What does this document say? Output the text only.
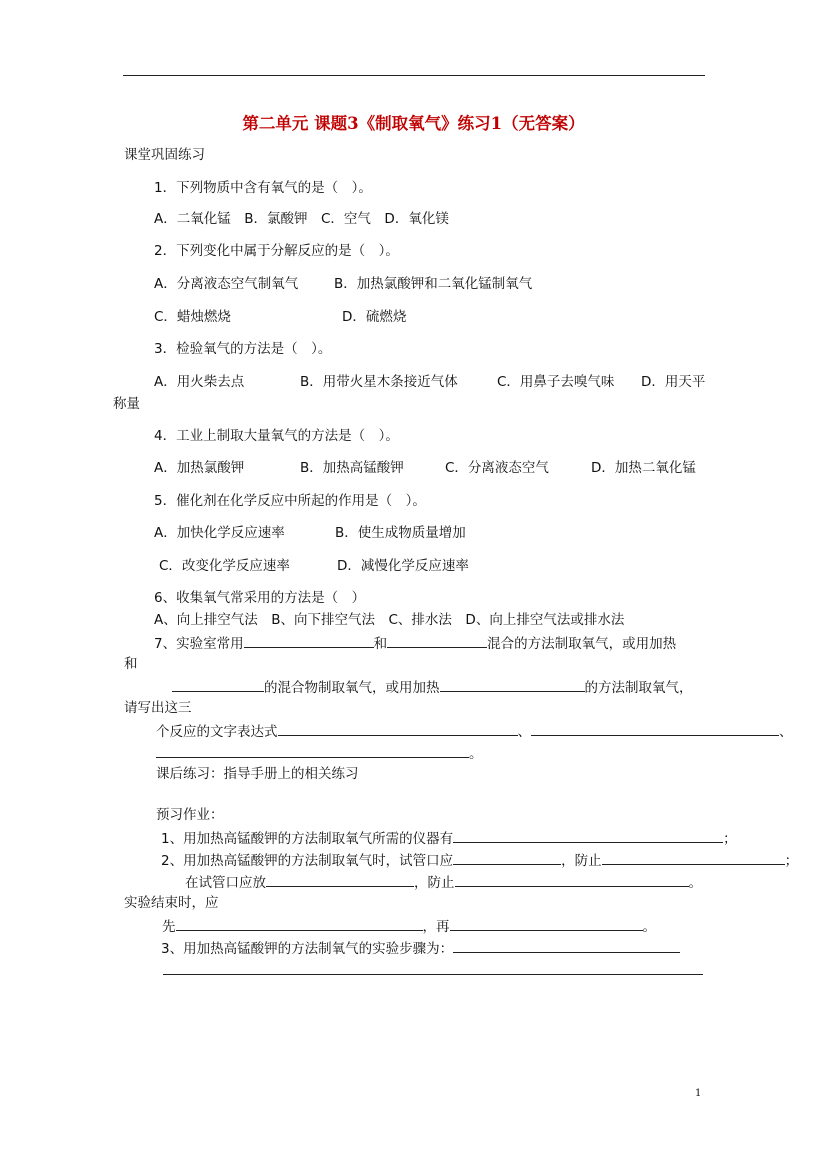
第二单元 课题3《制取氧气》练习1（无答案）
课堂巩固练习
1．下列物质中含有氧气的是（　）。
A．二氧化锰　B．氯酸钾　C．空气　D．氧化镁
2．下列变化中属于分解反应的是（　）。
A．分离液态空气制氧气	B．加热氯酸钾和二氧化锰制氧气
C．蜡烛燃烧	D．硫燃烧
3．检验氧气的方法是（　）。
A．用火柴去点	B．用带火星木条接近气体	C．用鼻子去嗅气味 D．用天平
称量
4．工业上制取大量氧气的方法是（　）。
A．加热氯酸钾	B．加热高锰酸钾	C．分离液态空气	D．加热二氧化锰
5．催化剂在化学反应中所起的作用是（　）。
A．加快化学反应速率	B．使生成物质量增加
C．改变化学反应速率	D．减慢化学反应速率
6、收集氧气常采用的方法是（　）
A、向上排空气法　B、向下排空气法　C、排水法　D、向上排空气法或排水法
7、实验室常用	和	混合的方法制取氧气，或用加热
和
的混合物制取氧气，或用加热	的方法制取氧气，
请写出这三
个反应的文字表达式	、	、
。
课后练习：指导手册上的相关练习
预习作业：
1、用加热高锰酸钾的方法制取氧气所需的仪器有	；
2、用加热高锰酸钾的方法制取氧气时，试管口应	，防止	；
在试管口应放	，防止	。
实验结束时，应
先	，再	。
3、用加热高锰酸钾的方法制氧气的实验步骤为：
1
